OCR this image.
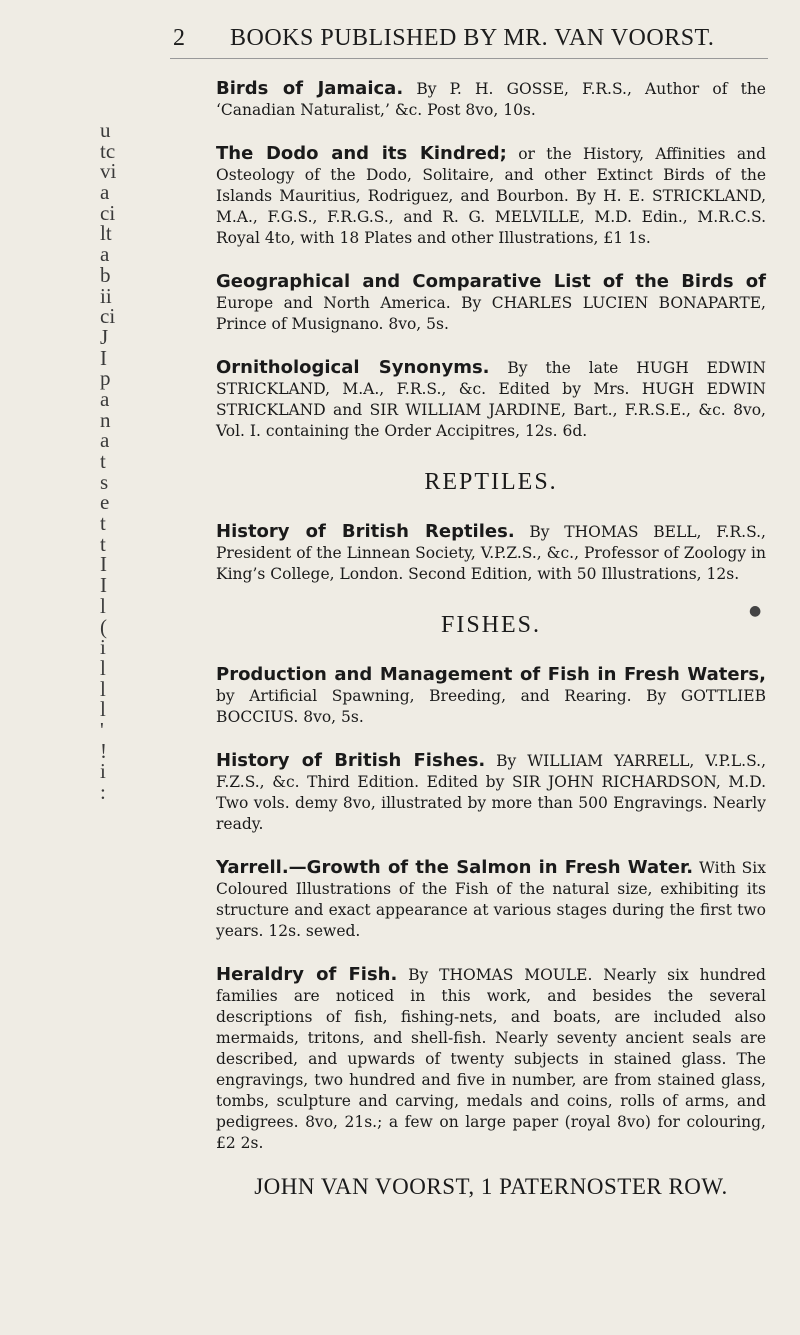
u
tc
vi
a
ci
lt
a
b
ii
ci
J
I
p
a
n
a
t
s
e
t
t
I
I
l
(
i
l
l
l
'
!
i
:
2 BOOKS PUBLISHED BY MR. VAN VOORST.
●

Birds of Jamaica. By P. H. GOSSE, F.R.S., Author of the ‘Canadian Naturalist,’ &c. Post 8vo, 10s.

The Dodo and its Kindred; or the History, Affinities and Osteology of the Dodo, Solitaire, and other Extinct Birds of the Islands Mauritius, Rodriguez, and Bourbon. By H. E. STRICKLAND, M.A., F.G.S., F.R.G.S., and R. G. MELVILLE, M.D. Edin., M.R.C.S. Royal 4to, with 18 Plates and other Illustrations, £1 1s.

Geographical and Comparative List of the Birds of Europe and North America. By CHARLES LUCIEN BONAPARTE, Prince of Musignano. 8vo, 5s.

Ornithological Synonyms. By the late HUGH EDWIN STRICKLAND, M.A., F.R.S., &c. Edited by Mrs. HUGH EDWIN STRICKLAND and SIR WILLIAM JARDINE, Bart., F.R.S.E., &c. 8vo, Vol. I. containing the Order Accipitres, 12s. 6d.

REPTILES.

History of British Reptiles. By THOMAS BELL, F.R.S., President of the Linnean Society, V.P.Z.S., &c., Professor of Zoology in King’s College, London. Second Edition, with 50 Illustrations, 12s.

FISHES.

Production and Management of Fish in Fresh Waters, by Artificial Spawning, Breeding, and Rearing. By GOTTLIEB BOCCIUS. 8vo, 5s.

History of British Fishes. By WILLIAM YARRELL, V.P.L.S., F.Z.S., &c. Third Edition. Edited by SIR JOHN RICHARDSON, M.D. Two vols. demy 8vo, illustrated by more than 500 Engravings. Nearly ready.

Yarrell.—Growth of the Salmon in Fresh Water. With Six Coloured Illustrations of the Fish of the natural size, exhibiting its structure and exact appearance at various stages during the first two years. 12s. sewed.

Heraldry of Fish. By THOMAS MOULE. Nearly six hundred families are noticed in this work, and besides the several descriptions of fish, fishing-nets, and boats, are included also mermaids, tritons, and shell-fish. Nearly seventy ancient seals are described, and upwards of twenty subjects in stained glass. The engravings, two hundred and five in number, are from stained glass, tombs, sculpture and carving, medals and coins, rolls of arms, and pedigrees. 8vo, 21s.; a few on large paper (royal 8vo) for colouring, £2 2s.

JOHN VAN VOORST, 1 PATERNOSTER ROW.
